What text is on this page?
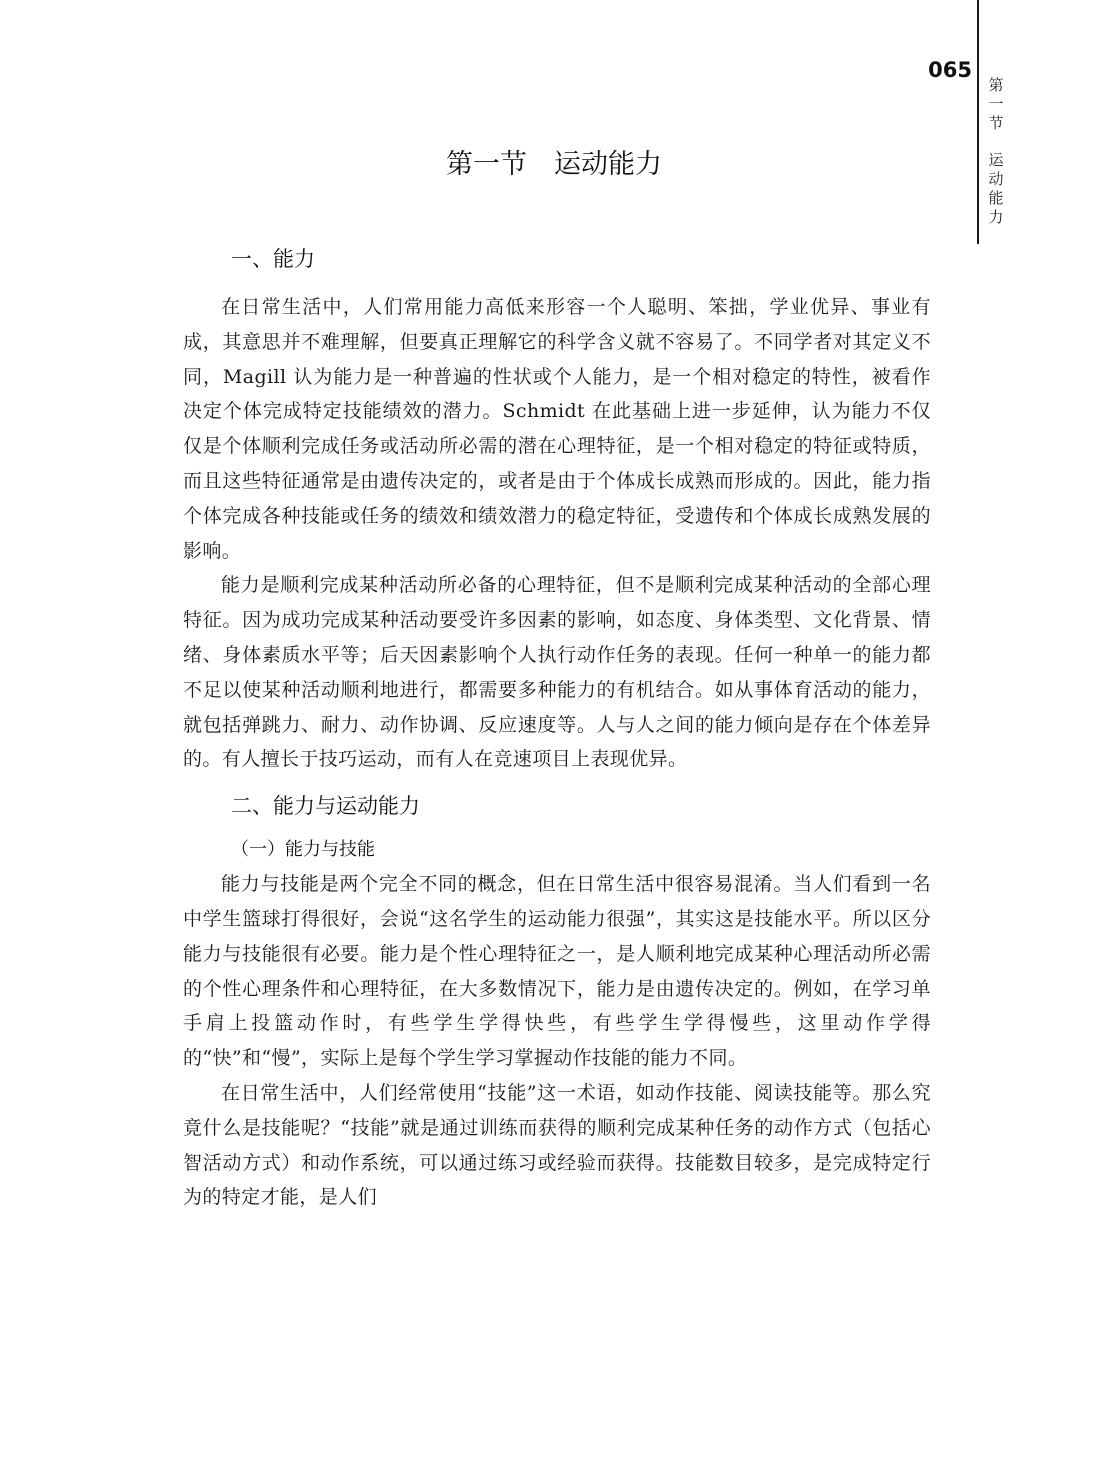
065
第一节
运动能力
第一节　运动能力
一、能力

在日常生活中，人们常用能力高低来形容一个人聪明、笨拙，学业优异、事业有成，其意思并不难理解，但要真正理解它的科学含义就不容易了。不同学者对其定义不同，Magill 认为能力是一种普遍的性状或个人能力，是一个相对稳定的特性，被看作决定个体完成特定技能绩效的潜力。Schmidt 在此基础上进一步延伸，认为能力不仅仅是个体顺利完成任务或活动所必需的潜在心理特征，是一个相对稳定的特征或特质，而且这些特征通常是由遗传决定的，或者是由于个体成长成熟而形成的。因此，能力指个体完成各种技能或任务的绩效和绩效潜力的稳定特征，受遗传和个体成长成熟发展的影响。

能力是顺利完成某种活动所必备的心理特征，但不是顺利完成某种活动的全部心理特征。因为成功完成某种活动要受许多因素的影响，如态度、身体类型、文化背景、情绪、身体素质水平等；后天因素影响个人执行动作任务的表现。任何一种单一的能力都不足以使某种活动顺利地进行，都需要多种能力的有机结合。如从事体育活动的能力，就包括弹跳力、耐力、动作协调、反应速度等。人与人之间的能力倾向是存在个体差异的。有人擅长于技巧运动，而有人在竞速项目上表现优异。

二、能力与运动能力
（一）能力与技能

能力与技能是两个完全不同的概念，但在日常生活中很容易混淆。当人们看到一名中学生篮球打得很好，会说“这名学生的运动能力很强”，其实这是技能水平。所以区分能力与技能很有必要。能力是个性心理特征之一，是人顺利地完成某种心理活动所必需的个性心理条件和心理特征，在大多数情况下，能力是由遗传决定的。例如，在学习单手肩上投篮动作时，有些学生学得快些，有些学生学得慢些，这里动作学得的“快”和“慢”，实际上是每个学生学习掌握动作技能的能力不同。

在日常生活中，人们经常使用“技能”这一术语，如动作技能、阅读技能等。那么究竟什么是技能呢？“技能”就是通过训练而获得的顺利完成某种任务的动作方式（包括心智活动方式）和动作系统，可以通过练习或经验而获得。技能数目较多，是完成特定行为的特定才能，是人们
